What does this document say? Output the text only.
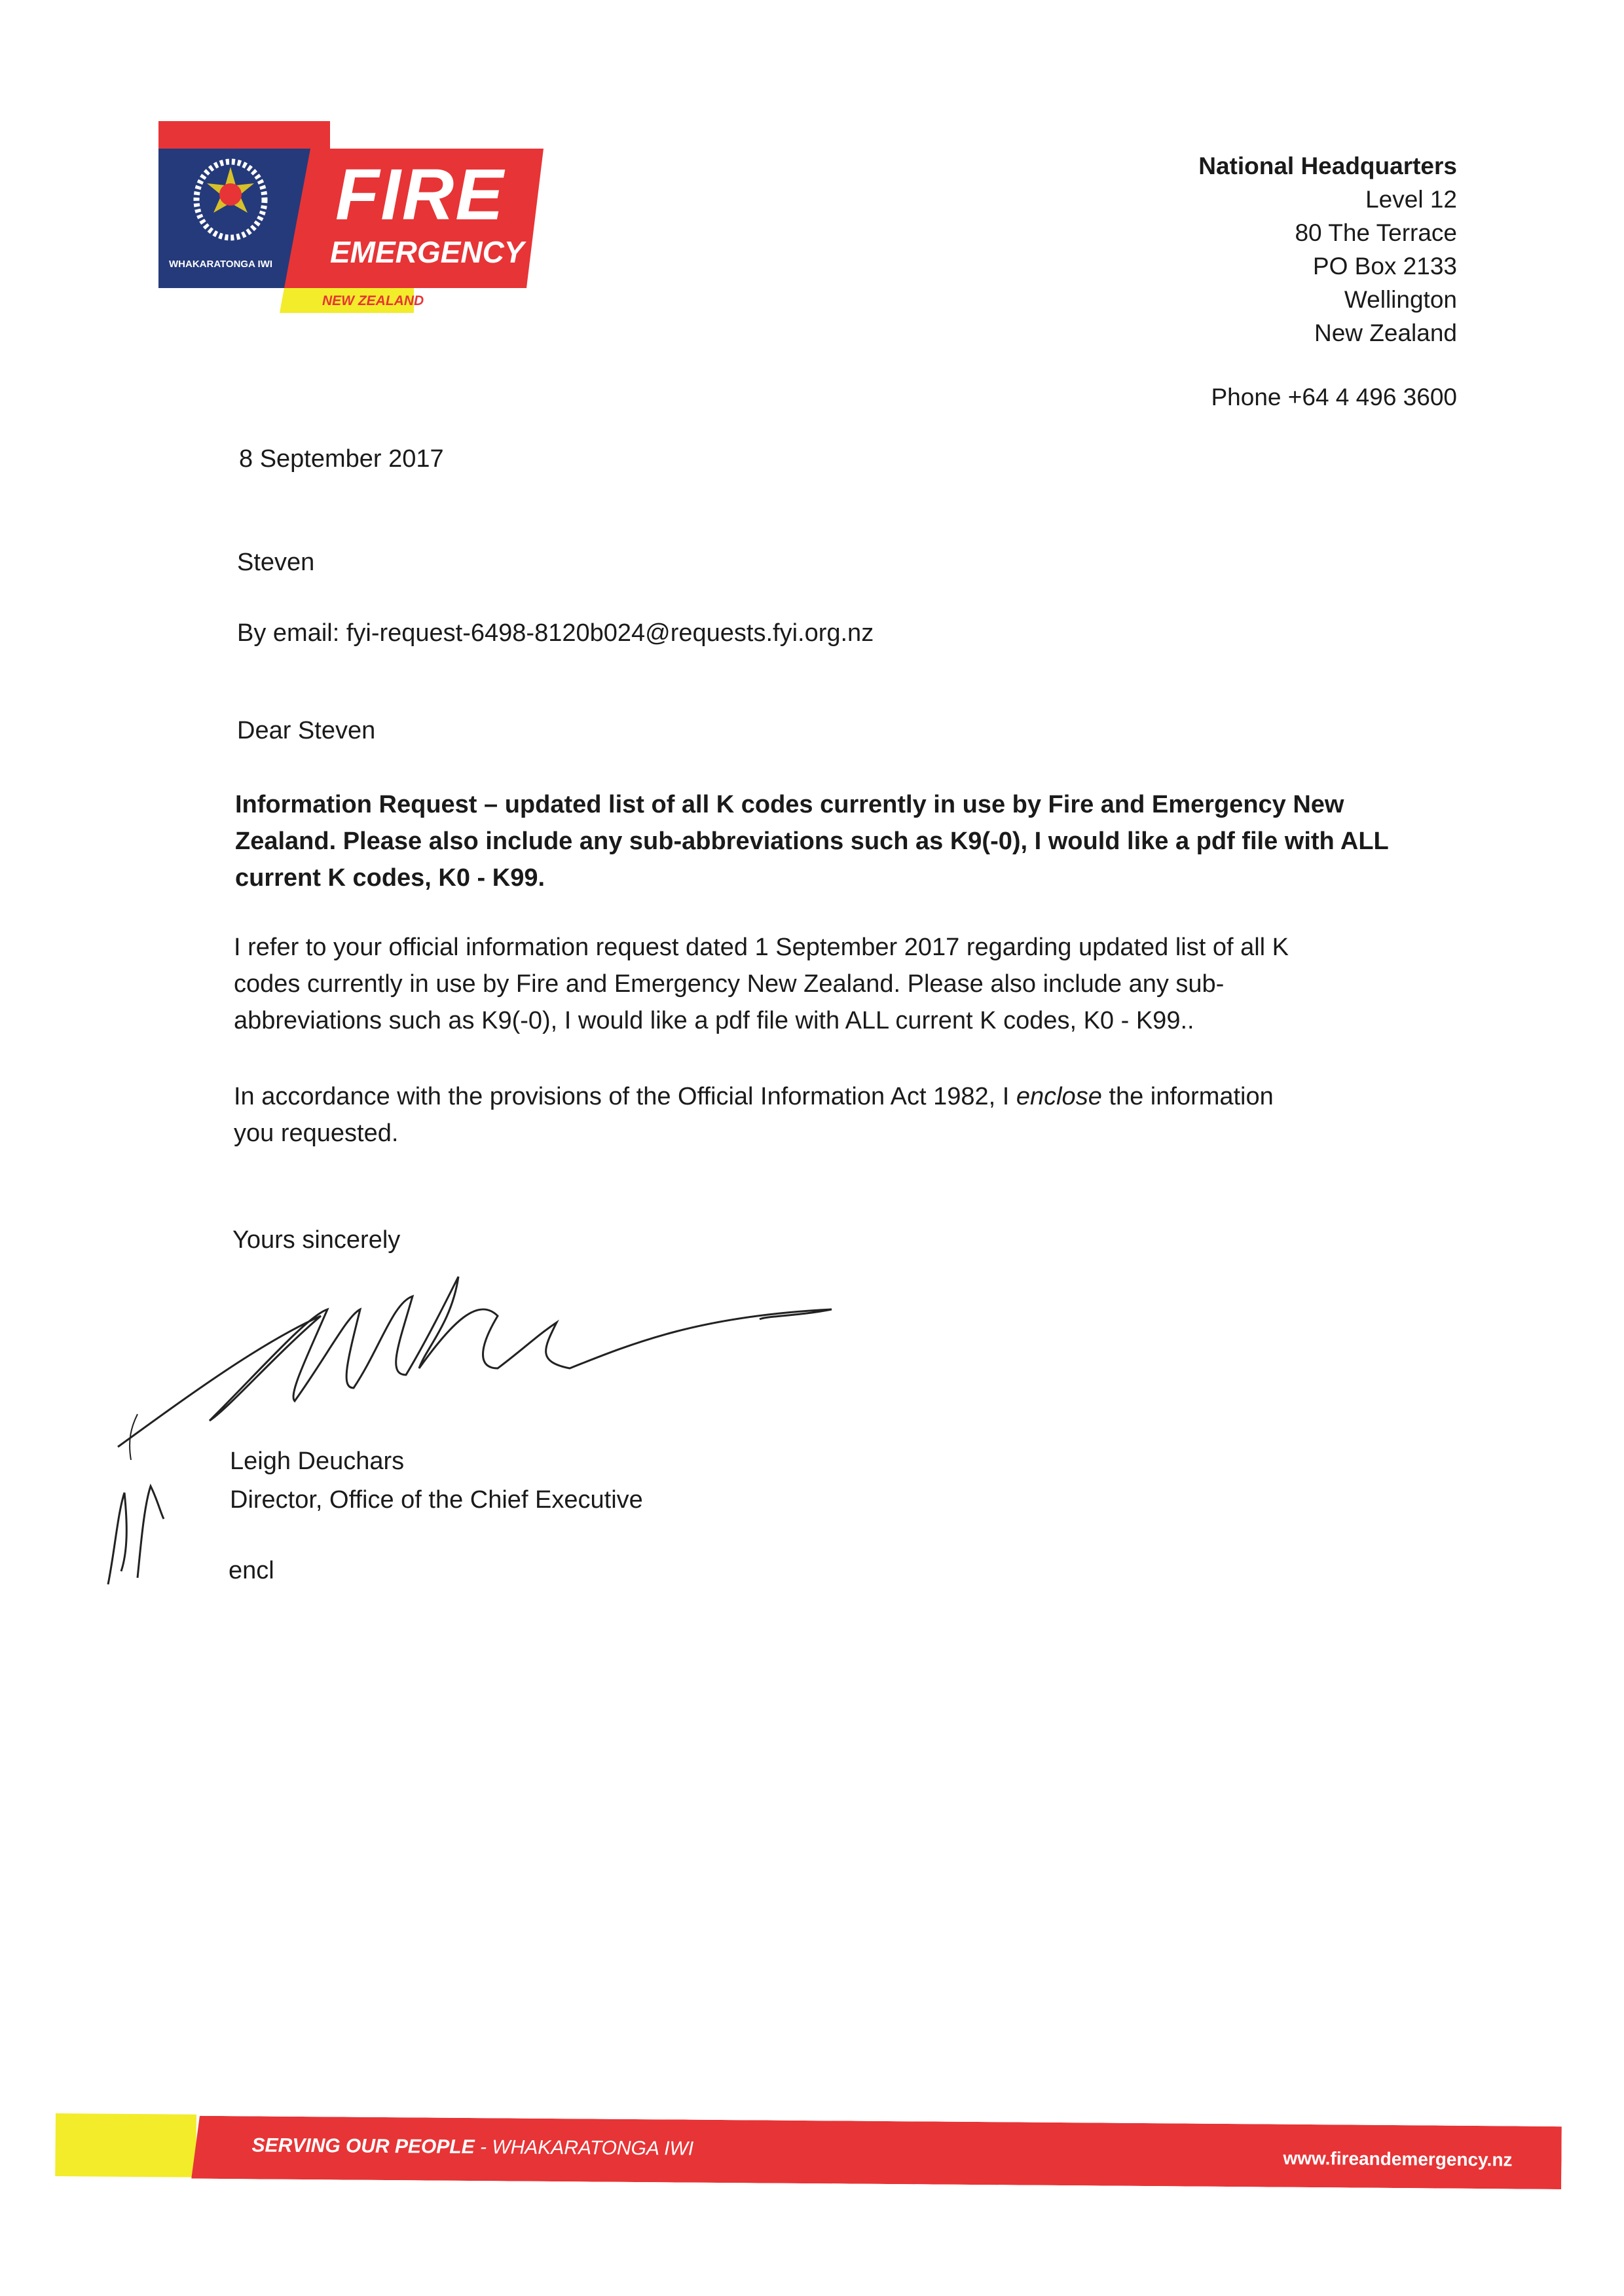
WHAKARATONGA IWI
FIRE
EMERGENCY
NEW ZEALAND
National Headquarters
Level 12
80 The Terrace
PO Box 2133
Wellington
New Zealand
Phone +64 4 496 3600
8 September 2017
Steven
By email: fyi-request-6498-8120b024@requests.fyi.org.nz
Dear Steven
Information Request – updated list of all K codes currently in use by Fire and Emergency New
Zealand. Please also include any sub-abbreviations such as K9(-0), I would like a pdf file with ALL
current K codes, K0 - K99.
I refer to your official information request dated 1 September 2017 regarding updated list of all K
codes currently in use by Fire and Emergency New Zealand. Please also include any sub-
abbreviations such as K9(-0), I would like a pdf file with ALL current K codes, K0 - K99..
In accordance with the provisions of the Official Information Act 1982, I enclose the information
you requested.
Yours sincerely
Leigh Deuchars
Director, Office of the Chief Executive
encl
SERVING OUR PEOPLE - WHAKARATONGA IWI	www.fireandemergency.nz
